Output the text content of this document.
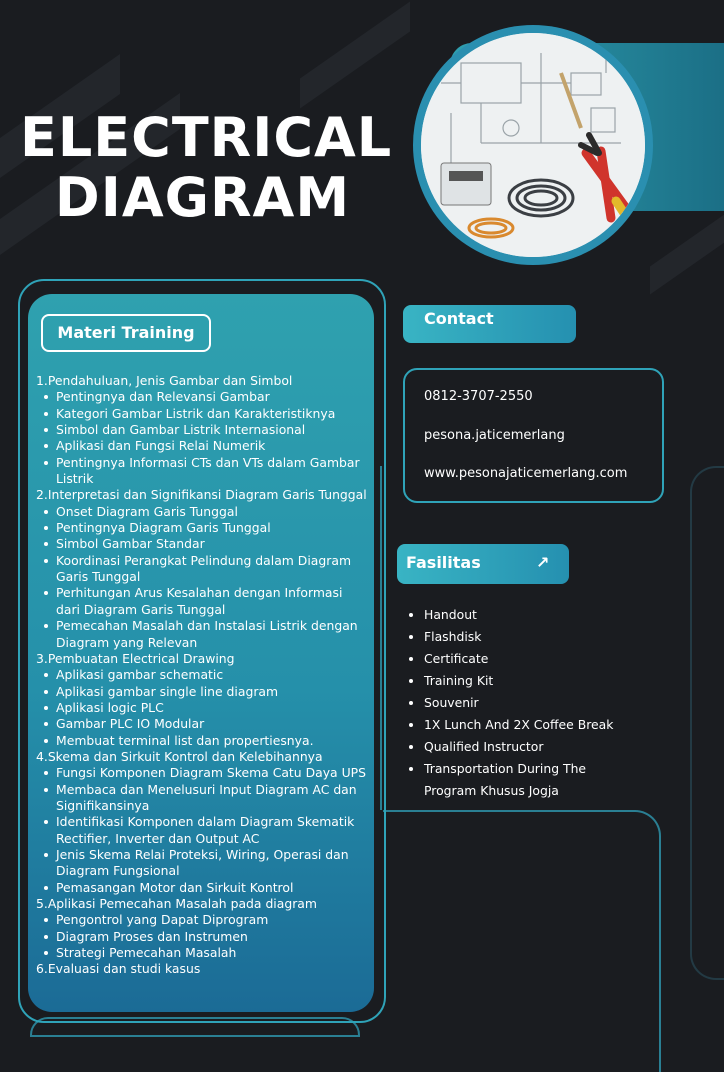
ELECTRICAL
DIAGRAM
Materi Training
1.Pendahuluan, Jenis Gambar dan Simbol
Pentingnya dan Relevansi Gambar
Kategori Gambar Listrik dan Karakteristiknya
Simbol dan Gambar Listrik Internasional
Aplikasi dan Fungsi Relai Numerik
Pentingnya Informasi CTs dan VTs dalam Gambar Listrik
2.Interpretasi dan Signifikansi Diagram Garis Tunggal
Onset Diagram Garis Tunggal
Pentingnya Diagram Garis Tunggal
Simbol Gambar Standar
Koordinasi Perangkat Pelindung dalam Diagram Garis Tunggal
Perhitungan Arus Kesalahan dengan Informasi dari Diagram Garis Tunggal
Pemecahan Masalah dan Instalasi Listrik dengan Diagram yang Relevan
3.Pembuatan Electrical Drawing
Aplikasi gambar schematic
Aplikasi gambar single line diagram
Aplikasi logic PLC
Gambar PLC IO Modular
Membuat terminal list dan propertiesnya.
4.Skema dan Sirkuit Kontrol dan Kelebihannya
Fungsi Komponen Diagram Skema Catu Daya UPS
Membaca dan Menelusuri Input Diagram AC dan Signifikansinya
Identifikasi Komponen dalam Diagram Skematik Rectifier, Inverter dan Output AC
Jenis Skema Relai Proteksi, Wiring, Operasi dan Diagram Fungsional
Pemasangan Motor dan Sirkuit Kontrol
5.Aplikasi Pemecahan Masalah pada diagram
Pengontrol yang Dapat Diprogram
Diagram Proses dan Instrumen
Strategi Pemecahan Masalah
6.Evaluasi dan studi kasus
Contact
0812-3707-2550
pesona.jaticemerlang
www.pesonajaticemerlang.com
Fasilitas	↗
Handout
Flashdisk
Certificate
Training Kit
Souvenir
1X Lunch And 2X Coffee Break
Qualified Instructor
Transportation During The Program Khusus Jogja
